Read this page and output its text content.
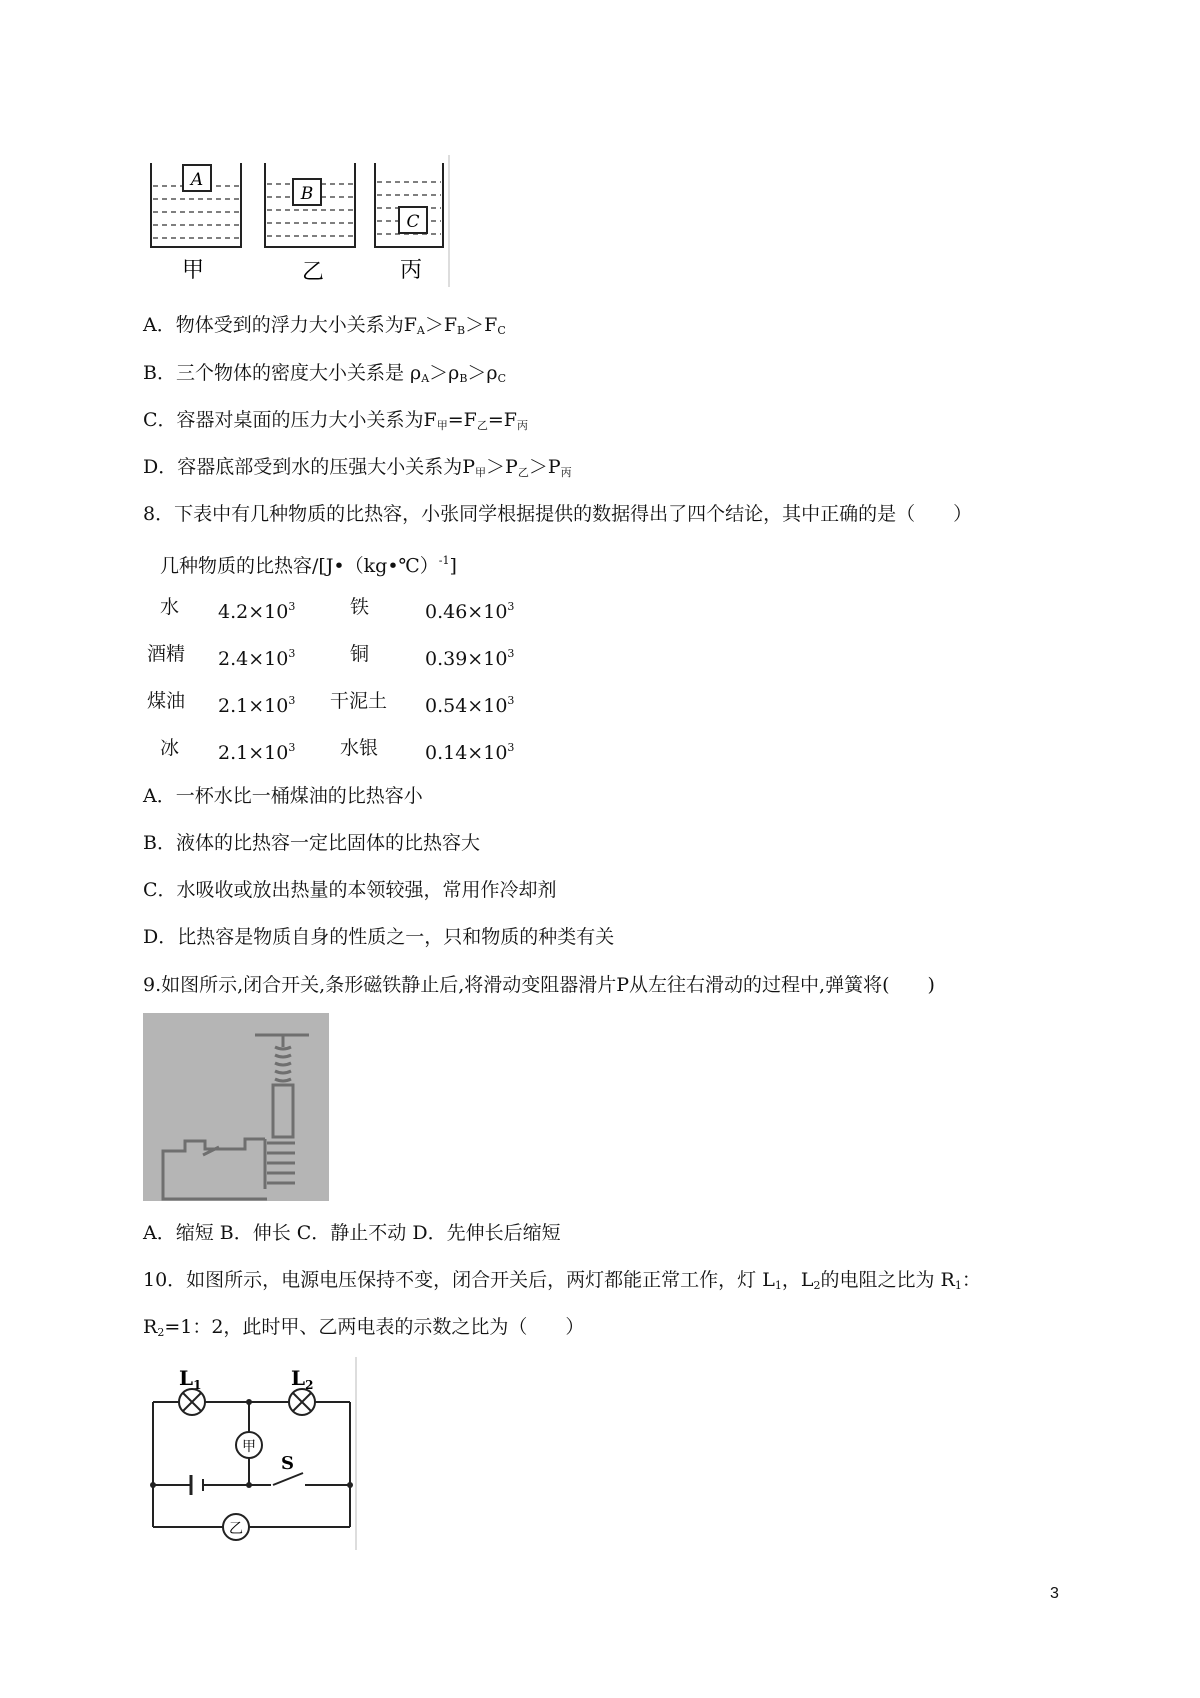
A
B
C
甲	乙	丙
A．物体受到的浮力大小关系为$F_A>F_B>F_C$
B．三个物体的密度大小关系是 $\rho_A>\rho_B>\rho_C$
C．容器对桌面的压力大小关系为$F_甲=F_乙=F_丙$
D．容器底部受到水的压强大小关系为$P_甲>P_乙>P_丙$
8．下表中有几种物质的比热容，小张同学根据提供的数据得出了四个结论，其中正确的是（　　）
几种物质的比热容/[J•（kg•℃）$^{-1}$]
水 $4.2\times 10^3$	铁	$0.46\times 10^3$
酒精 $2.4\times 10^3$	铜	$0.39\times 10^3$
煤油 $2.1\times 10^3$ 干泥土 $0.54\times 10^3$
冰 $2.1\times 10^3$ 水银 $0.14\times 10^3$
A．一杯水比一桶煤油的比热容小
B．液体的比热容一定比固体的比热容大
C．水吸收或放出热量的本领较强，常用作冷却剂
D．比热容是物质自身的性质之一，只和物质的种类有关
9.如图所示,闭合开关,条形磁铁静止后,将滑动变阻器滑片P从左往右滑动的过程中,弹簧将(　　)
A．缩短 B．伸长 C．静止不动 D．先伸长后缩短
10．如图所示，电源电压保持不变，闭合开关后，两灯都能正常工作，灯 $L_1$，$L_2$的电阻之比为 $R_1$：
$R_2=1$：2，此时甲、乙两电表的示数之比为（　　）
$L_1$	$L_2$
甲
乙
S
3
